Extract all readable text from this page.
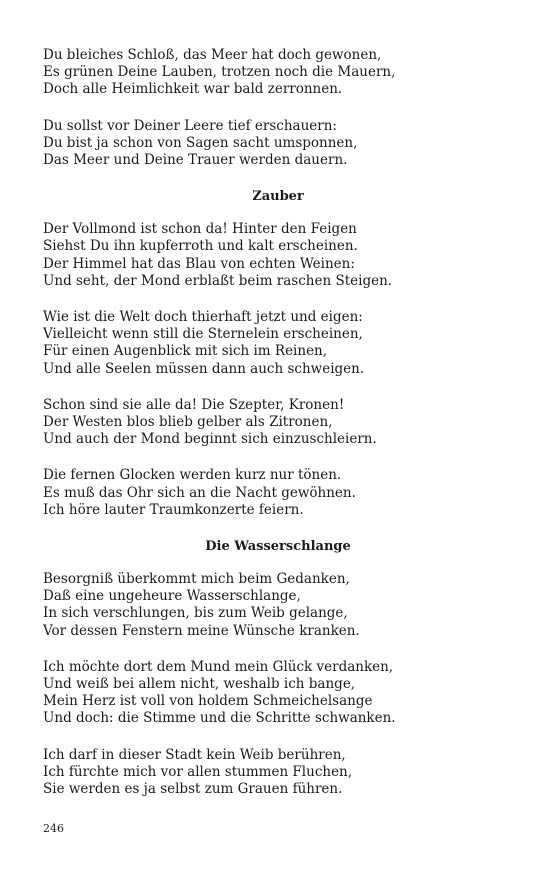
Du bleiches Schloß, das Meer hat doch gewonen,
Es grünen Deine Lauben, trotzen noch die Mauern,
Doch alle Heimlichkeit war bald zerronnen.
Du sollst vor Deiner Leere tief erschauern:
Du bist ja schon von Sagen sacht umsponnen,
Das Meer und Deine Trauer werden dauern.
Zauber
Der Vollmond ist schon da! Hinter den Feigen
Siehst Du ihn kupferroth und kalt erscheinen.
Der Himmel hat das Blau von echten Weinen:
Und seht, der Mond erblaßt beim raschen Steigen.
Wie ist die Welt doch thierhaft jetzt und eigen:
Vielleicht wenn still die Sternelein erscheinen,
Für einen Augenblick mit sich im Reinen,
Und alle Seelen müssen dann auch schweigen.
Schon sind sie alle da! Die Szepter, Kronen!
Der Westen blos blieb gelber als Zitronen,
Und auch der Mond beginnt sich einzuschleiern.
Die fernen Glocken werden kurz nur tönen.
Es muß das Ohr sich an die Nacht gewöhnen.
Ich höre lauter Traumkonzerte feiern.
Die Wasserschlange
Besorgniß überkommt mich beim Gedanken,
Daß eine ungeheure Wasserschlange,
In sich verschlungen, bis zum Weib gelange,
Vor dessen Fenstern meine Wünsche kranken.
Ich möchte dort dem Mund mein Glück verdanken,
Und weiß bei allem nicht, weshalb ich bange,
Mein Herz ist voll von holdem Schmeichelsange
Und doch: die Stimme und die Schritte schwanken.
Ich darf in dieser Stadt kein Weib berühren,
Ich fürchte mich vor allen stummen Fluchen,
Sie werden es ja selbst zum Grauen führen.
246
